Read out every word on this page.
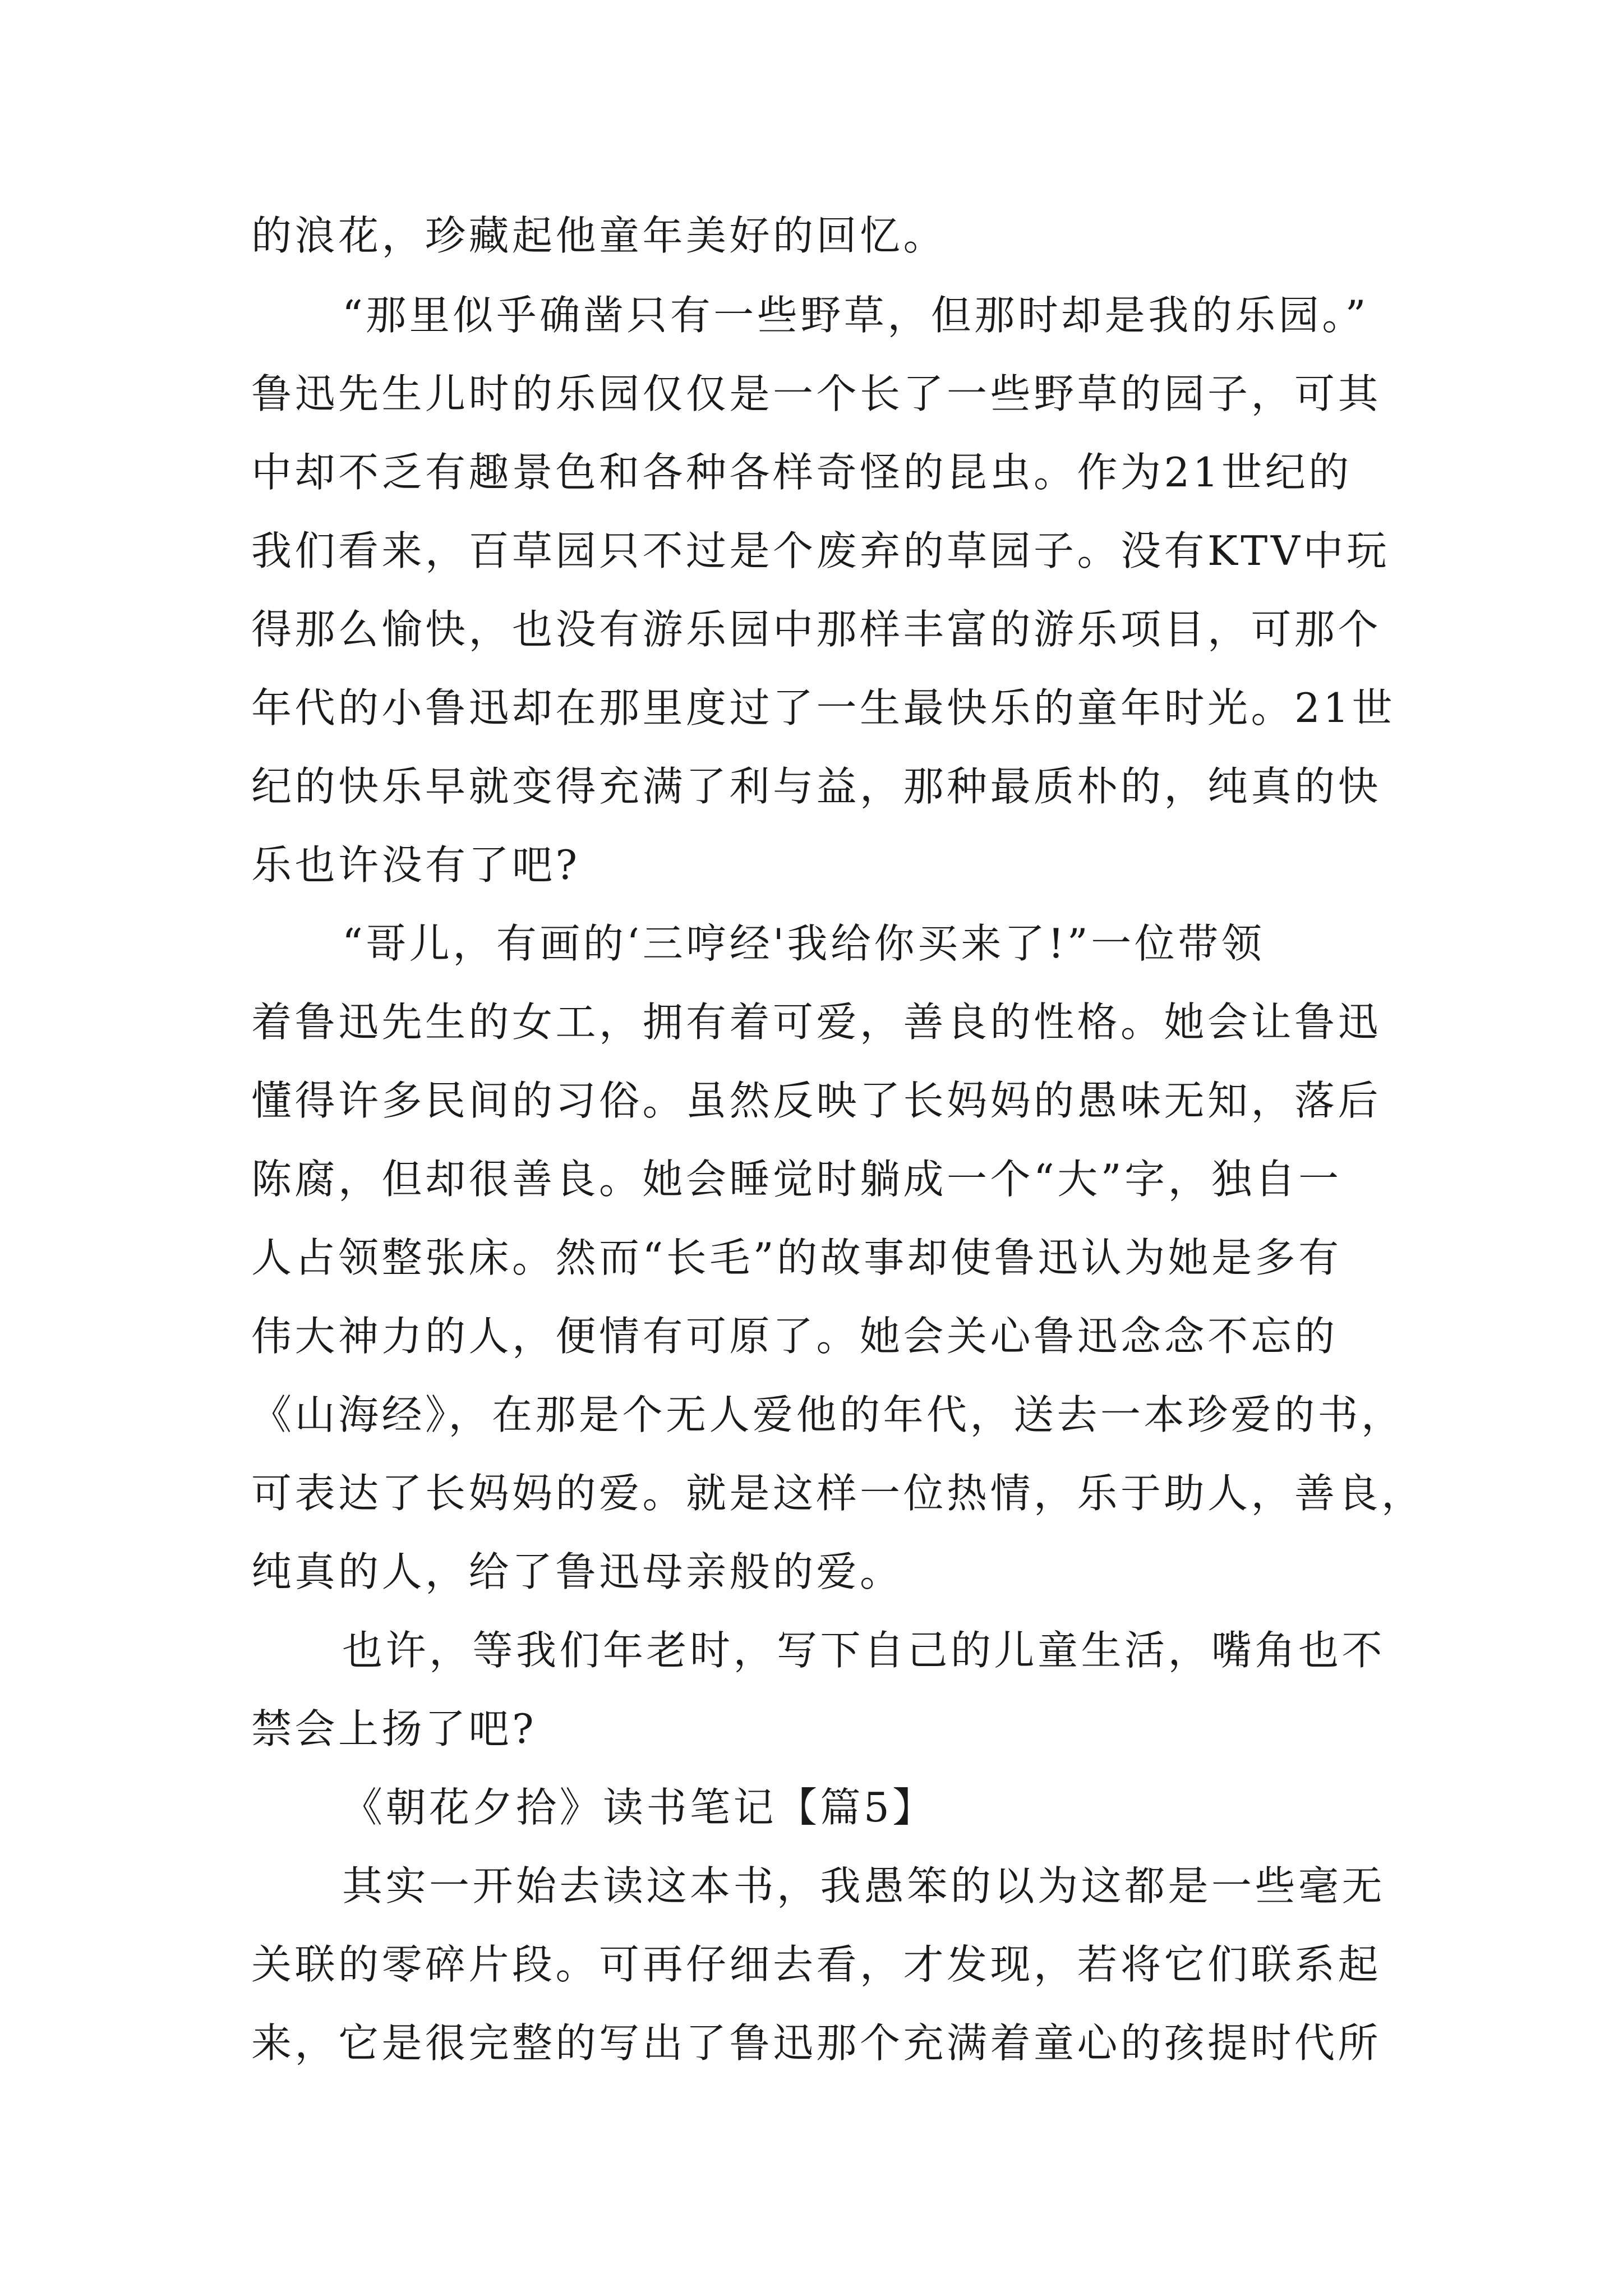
的浪花，珍藏起他童年美好的回忆。
“那里似乎确凿只有一些野草，但那时却是我的乐园。”
鲁迅先生儿时的乐园仅仅是一个长了一些野草的园子，可其
中却不乏有趣景色和各种各样奇怪的昆虫。作为21世纪的
我们看来，百草园只不过是个废弃的草园子。没有KTV中玩
得那么愉快，也没有游乐园中那样丰富的游乐项目，可那个
年代的小鲁迅却在那里度过了一生最快乐的童年时光。21世
纪的快乐早就变得充满了利与益，那种最质朴的，纯真的快
乐也许没有了吧?
“哥儿，有画的‘三哼经'我给你买来了!”一位带领
着鲁迅先生的女工，拥有着可爱，善良的性格。她会让鲁迅
懂得许多民间的习俗。虽然反映了长妈妈的愚味无知，落后
陈腐，但却很善良。她会睡觉时躺成一个“大”字，独自一
人占领整张床。然而“长毛”的故事却使鲁迅认为她是多有
伟大神力的人，便情有可原了。她会关心鲁迅念念不忘的
《山海经》，在那是个无人爱他的年代，送去一本珍爱的书，
可表达了长妈妈的爱。就是这样一位热情，乐于助人，善良，
纯真的人，给了鲁迅母亲般的爱。
也许，等我们年老时，写下自己的儿童生活，嘴角也不
禁会上扬了吧?
《朝花夕拾》读书笔记【篇5】
其实一开始去读这本书，我愚笨的以为这都是一些毫无
关联的零碎片段。可再仔细去看，才发现，若将它们联系起
来，它是很完整的写出了鲁迅那个充满着童心的孩提时代所
